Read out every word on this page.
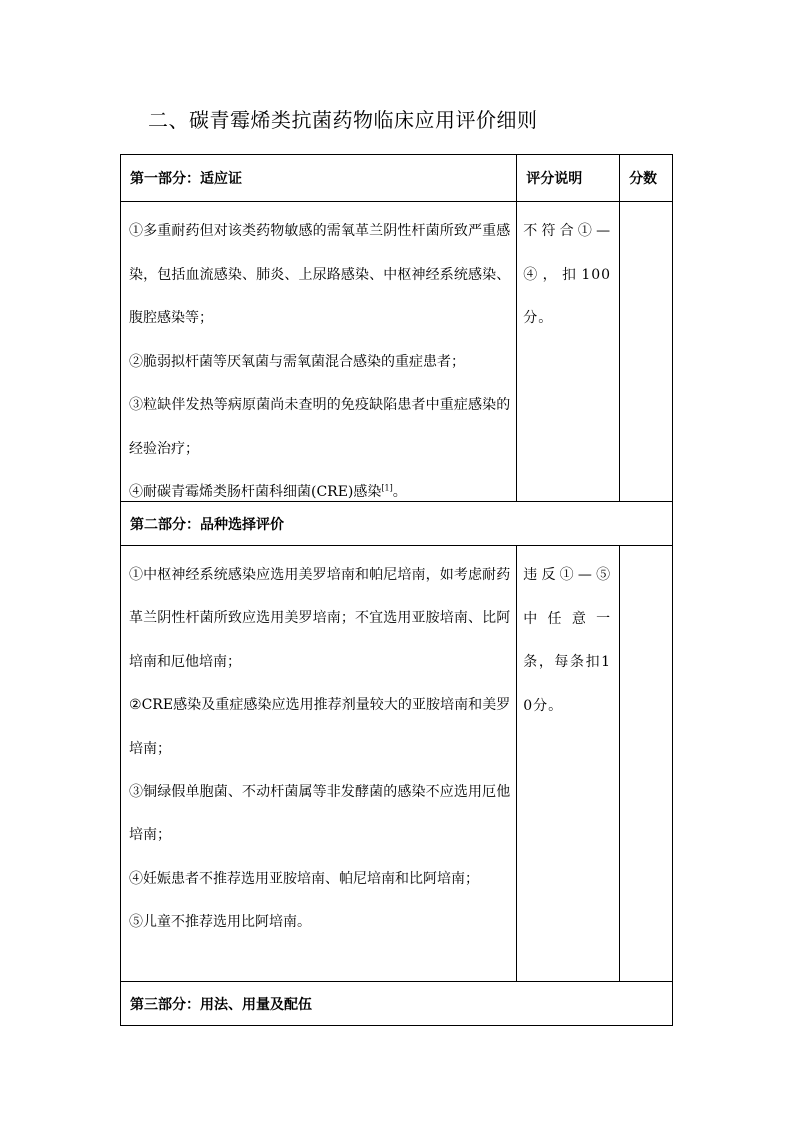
二、碳青霉烯类抗菌药物临床应用评价细则
第一部分：适应证	评分说明	分数
①多重耐药但对该类药物敏感的需氧革兰阴性杆菌所致严重感染，包括血流感染、肺炎、上尿路感染、中枢神经系统感染、腹腔感染等；
②脆弱拟杆菌等厌氧菌与需氧菌混合感染的重症患者；
③粒缺伴发热等病原菌尚未查明的免疫缺陷患者中重症感染的经验治疗；
④耐碳青霉烯类肠杆菌科细菌(CRE)感染[1]。
不符合①—④，扣100分。
第二部分：品种选择评价
①中枢神经系统感染应选用美罗培南和帕尼培南，如考虑耐药革兰阴性杆菌所致应选用美罗培南；不宜选用亚胺培南、比阿培南和厄他培南；
②CRE感染及重症感染应选用推荐剂量较大的亚胺培南和美罗培南；
③铜绿假单胞菌、不动杆菌属等非发酵菌的感染不应选用厄他培南；
④妊娠患者不推荐选用亚胺培南、帕尼培南和比阿培南；
⑤儿童不推荐选用比阿培南。
违反①—⑤中任意一条，每条扣10分。
第三部分：用法、用量及配伍
